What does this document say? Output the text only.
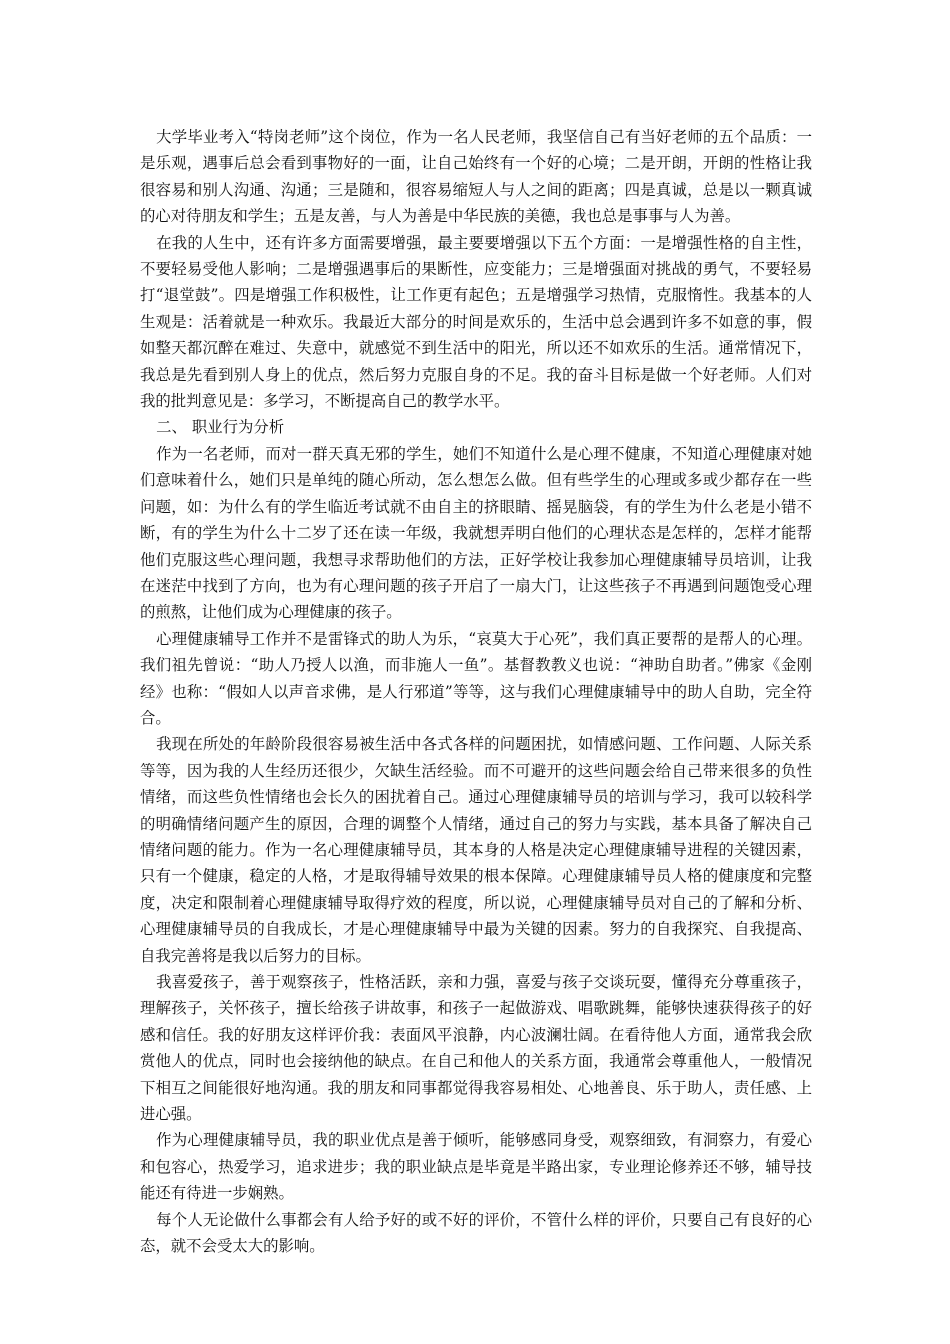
大学毕业考入“特岗老师”这个岗位，作为一名人民老师，我坚信自己有当好老师的五个品质：一是乐观，遇事后总会看到事物好的一面，让自己始终有一个好的心境；二是开朗，开朗的性格让我很容易和别人沟通、沟通；三是随和，很容易缩短人与人之间的距离；四是真诚，总是以一颗真诚的心对待朋友和学生；五是友善，与人为善是中华民族的美德，我也总是事事与人为善。

在我的人生中，还有许多方面需要增强，最主要要增强以下五个方面：一是增强性格的自主性，不要轻易受他人影响；二是增强遇事后的果断性，应变能力；三是增强面对挑战的勇气，不要轻易打“退堂鼓”。四是增强工作积极性，让工作更有起色；五是增强学习热情，克服惰性。我基本的人生观是：活着就是一种欢乐。我最近大部分的时间是欢乐的，生活中总会遇到许多不如意的事，假如整天都沉醉在难过、失意中，就感觉不到生活中的阳光，所以还不如欢乐的生活。通常情况下，我总是先看到别人身上的优点，然后努力克服自身的不足。我的奋斗目标是做一个好老师。人们对我的批判意见是：多学习，不断提高自己的教学水平。

二、 职业行为分析

作为一名老师，而对一群天真无邪的学生，她们不知道什么是心理不健康，不知道心理健康对她们意味着什么，她们只是单纯的随心所动，怎么想怎么做。但有些学生的心理或多或少都存在一些问题，如：为什么有的学生临近考试就不由自主的挤眼睛、摇晃脑袋，有的学生为什么老是小错不断，有的学生为什么十二岁了还在读一年级，我就想弄明白他们的心理状态是怎样的，怎样才能帮他们克服这些心理问题，我想寻求帮助他们的方法，正好学校让我参加心理健康辅导员培训，让我在迷茫中找到了方向，也为有心理问题的孩子开启了一扇大门，让这些孩子不再遇到问题饱受心理的煎熬，让他们成为心理健康的孩子。

心理健康辅导工作并不是雷锋式的助人为乐，“哀莫大于心死”，我们真正要帮的是帮人的心理。我们祖先曾说：“助人乃授人以渔，而非施人一鱼”。基督教教义也说：“神助自助者。”佛家《金刚经》也称：“假如人以声音求佛，是人行邪道”等等，这与我们心理健康辅导中的助人自助，完全符合。

我现在所处的年龄阶段很容易被生活中各式各样的问题困扰，如情感问题、工作问题、人际关系等等，因为我的人生经历还很少，欠缺生活经验。而不可避开的这些问题会给自己带来很多的负性情绪，而这些负性情绪也会长久的困扰着自己。通过心理健康辅导员的培训与学习，我可以较科学的明确情绪问题产生的原因，合理的调整个人情绪，通过自己的努力与实践，基本具备了解决自己情绪问题的能力。作为一名心理健康辅导员，其本身的人格是决定心理健康辅导进程的关键因素，只有一个健康，稳定的人格，才是取得辅导效果的根本保障。心理健康辅导员人格的健康度和完整度，决定和限制着心理健康辅导取得疗效的程度，所以说，心理健康辅导员对自己的了解和分析、心理健康辅导员的自我成长，才是心理健康辅导中最为关键的因素。努力的自我探究、自我提高、自我完善将是我以后努力的目标。

我喜爱孩子，善于观察孩子，性格活跃，亲和力强，喜爱与孩子交谈玩耍，懂得充分尊重孩子，理解孩子，关怀孩子，擅长给孩子讲故事，和孩子一起做游戏、唱歌跳舞，能够快速获得孩子的好感和信任。我的好朋友这样评价我：表面风平浪静，内心波澜壮阔。在看待他人方面，通常我会欣赏他人的优点，同时也会接纳他的缺点。在自己和他人的关系方面，我通常会尊重他人，一般情况下相互之间能很好地沟通。我的朋友和同事都觉得我容易相处、心地善良、乐于助人，责任感、上进心强。

作为心理健康辅导员，我的职业优点是善于倾听，能够感同身受，观察细致，有洞察力，有爱心和包容心，热爱学习，追求进步；我的职业缺点是毕竟是半路出家，专业理论修养还不够，辅导技能还有待进一步娴熟。

每个人无论做什么事都会有人给予好的或不好的评价，不管什么样的评价，只要自己有良好的心态，就不会受太大的影响。
